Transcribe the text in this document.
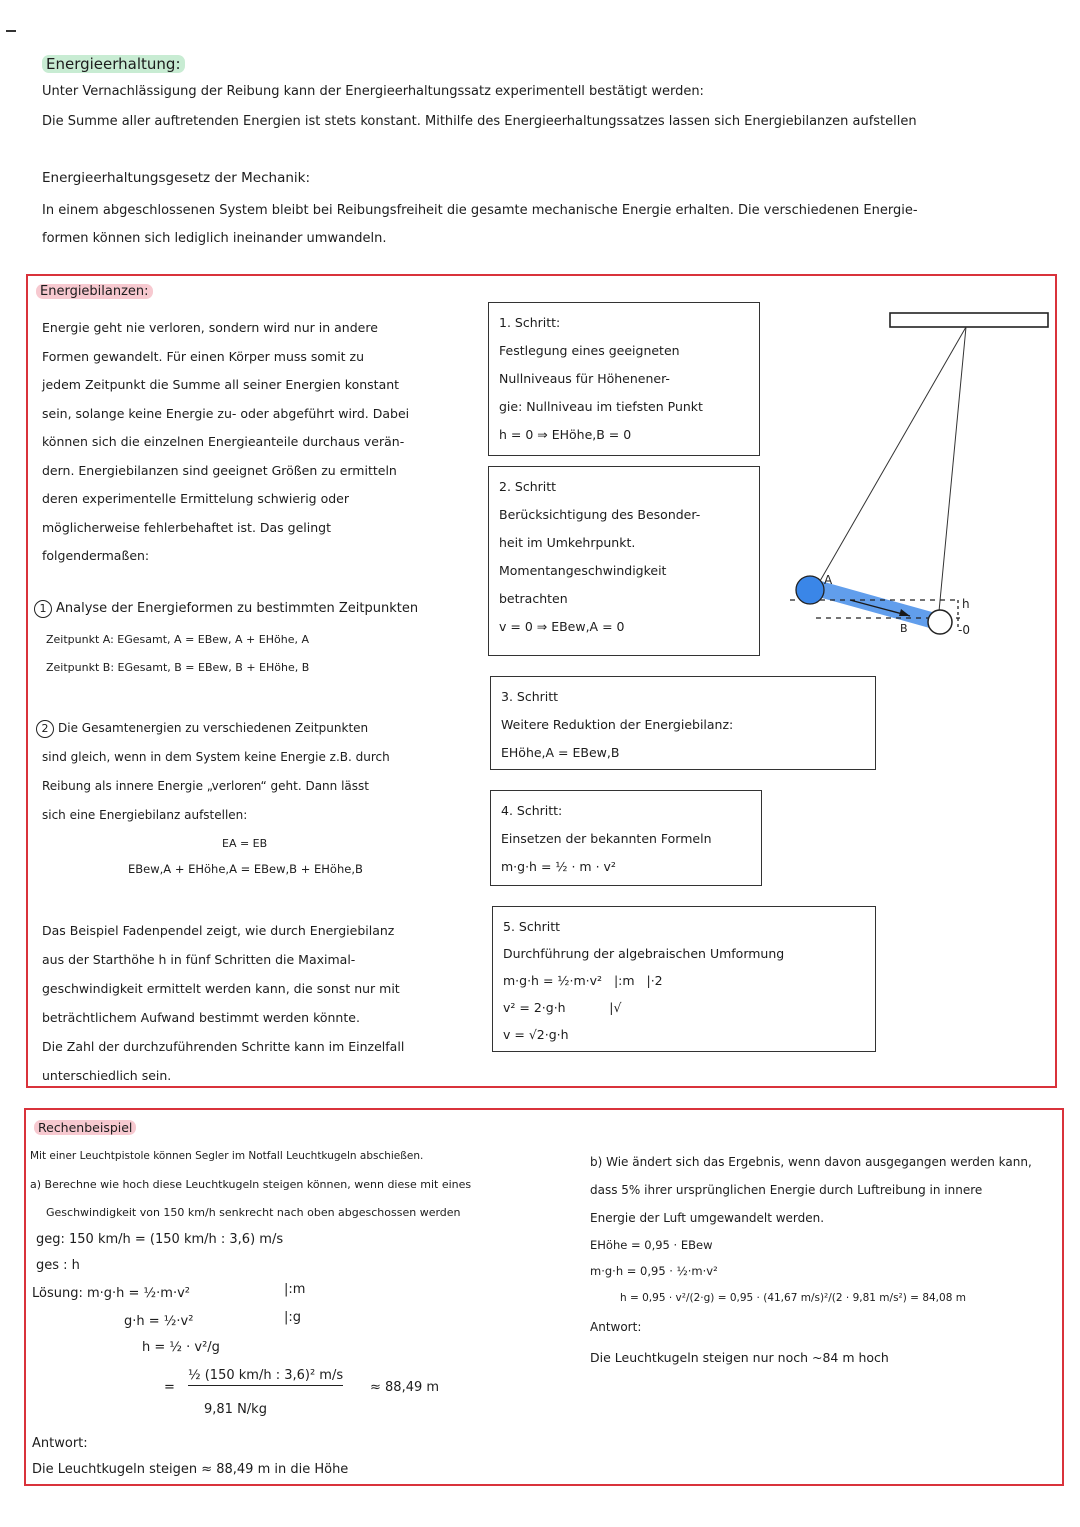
Energieerhaltung:
Unter Vernachlässigung der Reibung kann der Energieerhaltungssatz experimentell bestätigt werden:
Die Summe aller auftretenden Energien ist stets konstant. Mithilfe des Energieerhaltungssatzes lassen sich Energiebilanzen aufstellen
Energieerhaltungsgesetz der Mechanik:
In einem abgeschlossenen System bleibt bei Reibungsfreiheit die gesamte mechanische Energie erhalten. Die verschiedenen Energie-
formen können sich lediglich ineinander umwandeln.
Energiebilanzen:
Energie geht nie verloren, sondern wird nur in andere
Formen gewandelt. Für einen Körper muss somit zu
jedem Zeitpunkt die Summe all seiner Energien konstant
sein, solange keine Energie zu- oder abgeführt wird. Dabei
können sich die einzelnen Energieanteile durchaus verän-
dern. Energiebilanzen sind geeignet Größen zu ermitteln
deren experimentelle Ermittelung schwierig oder
möglicherweise fehlerbehaftet ist. Das gelingt
folgendermaßen:
1 Analyse der Energieformen zu bestimmten Zeitpunkten
Zeitpunkt A: EGesamt, A = EBew, A + EHöhe, A
Zeitpunkt B: EGesamt, B = EBew, B + EHöhe, B
2 Die Gesamtenergien zu verschiedenen Zeitpunkten
sind gleich, wenn in dem System keine Energie z.B. durch
Reibung als innere Energie „verloren“ geht. Dann lässt
sich eine Energiebilanz aufstellen:
EA = EB
EBew,A + EHöhe,A = EBew,B + EHöhe,B
Das Beispiel Fadenpendel zeigt, wie durch Energiebilanz
aus der Starthöhe h in fünf Schritten die Maximal-
geschwindigkeit ermittelt werden kann, die sonst nur mit
beträchtlichem Aufwand bestimmt werden könnte.
Die Zahl der durchzuführenden Schritte kann im Einzelfall
unterschiedlich sein.
1. Schritt:
Festlegung eines geeigneten
Nullniveaus für Höhenener-
gie: Nullniveau im tiefsten Punkt
h = 0 ⇒ EHöhe,B = 0
2. Schritt
Berücksichtigung des Besonder-
heit im Umkehrpunkt.
Momentangeschwindigkeit
betrachten
v = 0 ⇒ EBew,A = 0
3. Schritt
Weitere Reduktion der Energiebilanz:
EHöhe,A = EBew,B
4. Schritt:
Einsetzen der bekannten Formeln
m·g·h = ½ · m · v²
5. Schritt
Durchführung der algebraischen Umformung
m·g·h = ½·m·v²   |:m   |·2
v² = 2·g·h           |√
v = √2·g·h
A
B
h
-0
Rechenbeispiel
Mit einer Leuchtpistole können Segler im Notfall Leuchtkugeln abschießen.
a) Berechne wie hoch diese Leuchtkugeln steigen können, wenn diese mit eines
Geschwindigkeit von 150 km/h senkrecht nach oben abgeschossen werden
geg: 150 km/h = (150 km/h : 3,6) m/s
ges : h
Lösung: m·g·h = ½·m·v²	|:m
g·h = ½·v²	|:g
h = ½ · v²/g
=
½ (150 km/h : 3,6)² m/s
9,81 N/kg
≈ 88,49 m
Antwort:
Die Leuchtkugeln steigen ≈ 88,49 m in die Höhe
b) Wie ändert sich das Ergebnis, wenn davon ausgegangen werden kann,
dass 5% ihrer ursprünglichen Energie durch Luftreibung in innere
Energie der Luft umgewandelt werden.
EHöhe = 0,95 · EBew
m·g·h = 0,95 · ½·m·v²
h = 0,95 · v²/(2·g) = 0,95 · (41,67 m/s)²/(2 · 9,81 m/s²) = 84,08 m
Antwort:
Die Leuchtkugeln steigen nur noch ~84 m hoch
